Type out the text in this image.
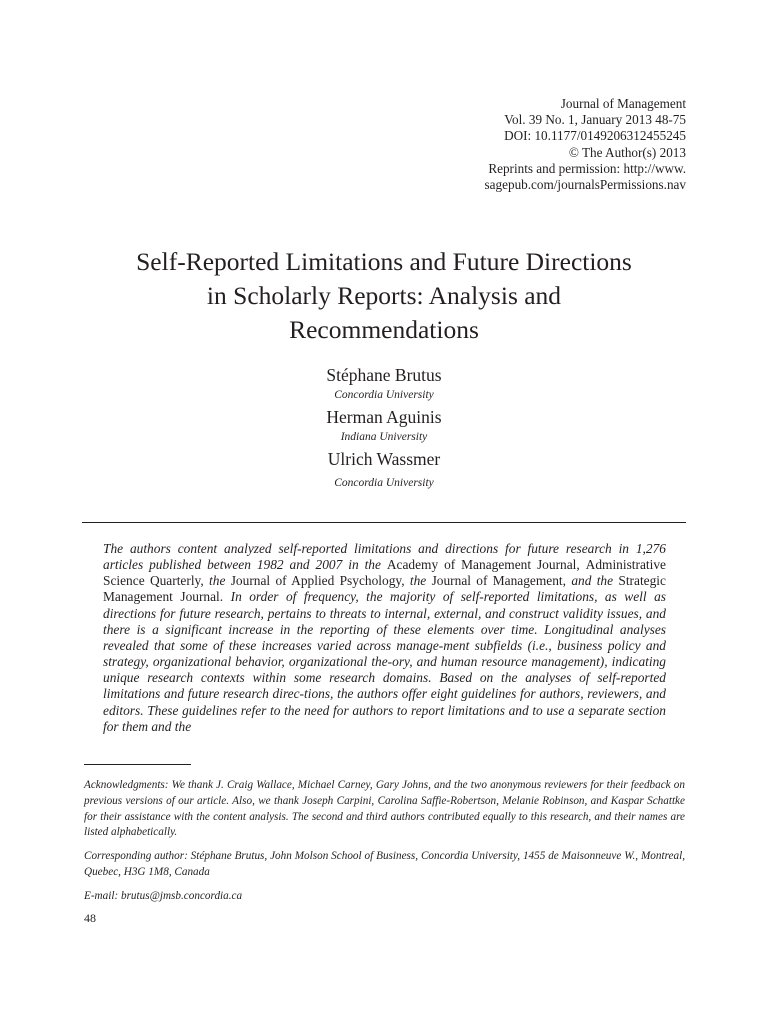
Journal of Management
Vol. 39 No. 1, January 2013 48-75
DOI: 10.1177/0149206312455245
© The Author(s) 2013
Reprints and permission: http://www.
sagepub.com/journalsPermissions.nav
Self-Reported Limitations and Future Directions
in Scholarly Reports: Analysis and
Recommendations
Stéphane Brutus
Concordia University
Herman Aguinis
Indiana University
Ulrich Wassmer
Concordia University
The authors content analyzed self-reported limitations and directions for future research in 1,276 articles published between 1982 and 2007 in the Academy of Management Journal, Administrative Science Quarterly, the Journal of Applied Psychology, the Journal of Management, and the Strategic Management Journal. In order of frequency, the majority of self-reported limitations, as well as directions for future research, pertains to threats to internal, external, and construct validity issues, and there is a significant increase in the reporting of these elements over time. Longitudinal analyses revealed that some of these increases varied across manage-ment subfields (i.e., business policy and strategy, organizational behavior, organizational the-ory, and human resource management), indicating unique research contexts within some research domains. Based on the analyses of self-reported limitations and future research direc-tions, the authors offer eight guidelines for authors, reviewers, and editors. These guidelines refer to the need for authors to report limitations and to use a separate section for them and the

Acknowledgments: We thank J. Craig Wallace, Michael Carney, Gary Johns, and the two anonymous reviewers for their feedback on previous versions of our article. Also, we thank Joseph Carpini, Carolina Saffie-Robertson, Melanie Robinson, and Kaspar Schattke for their assistance with the content analysis. The second and third authors contributed equally to this research, and their names are listed alphabetically.

Corresponding author: Stéphane Brutus, John Molson School of Business, Concordia University, 1455 de Maisonneuve W., Montreal, Quebec, H3G 1M8, Canada

E-mail: brutus@jmsb.concordia.ca

48
